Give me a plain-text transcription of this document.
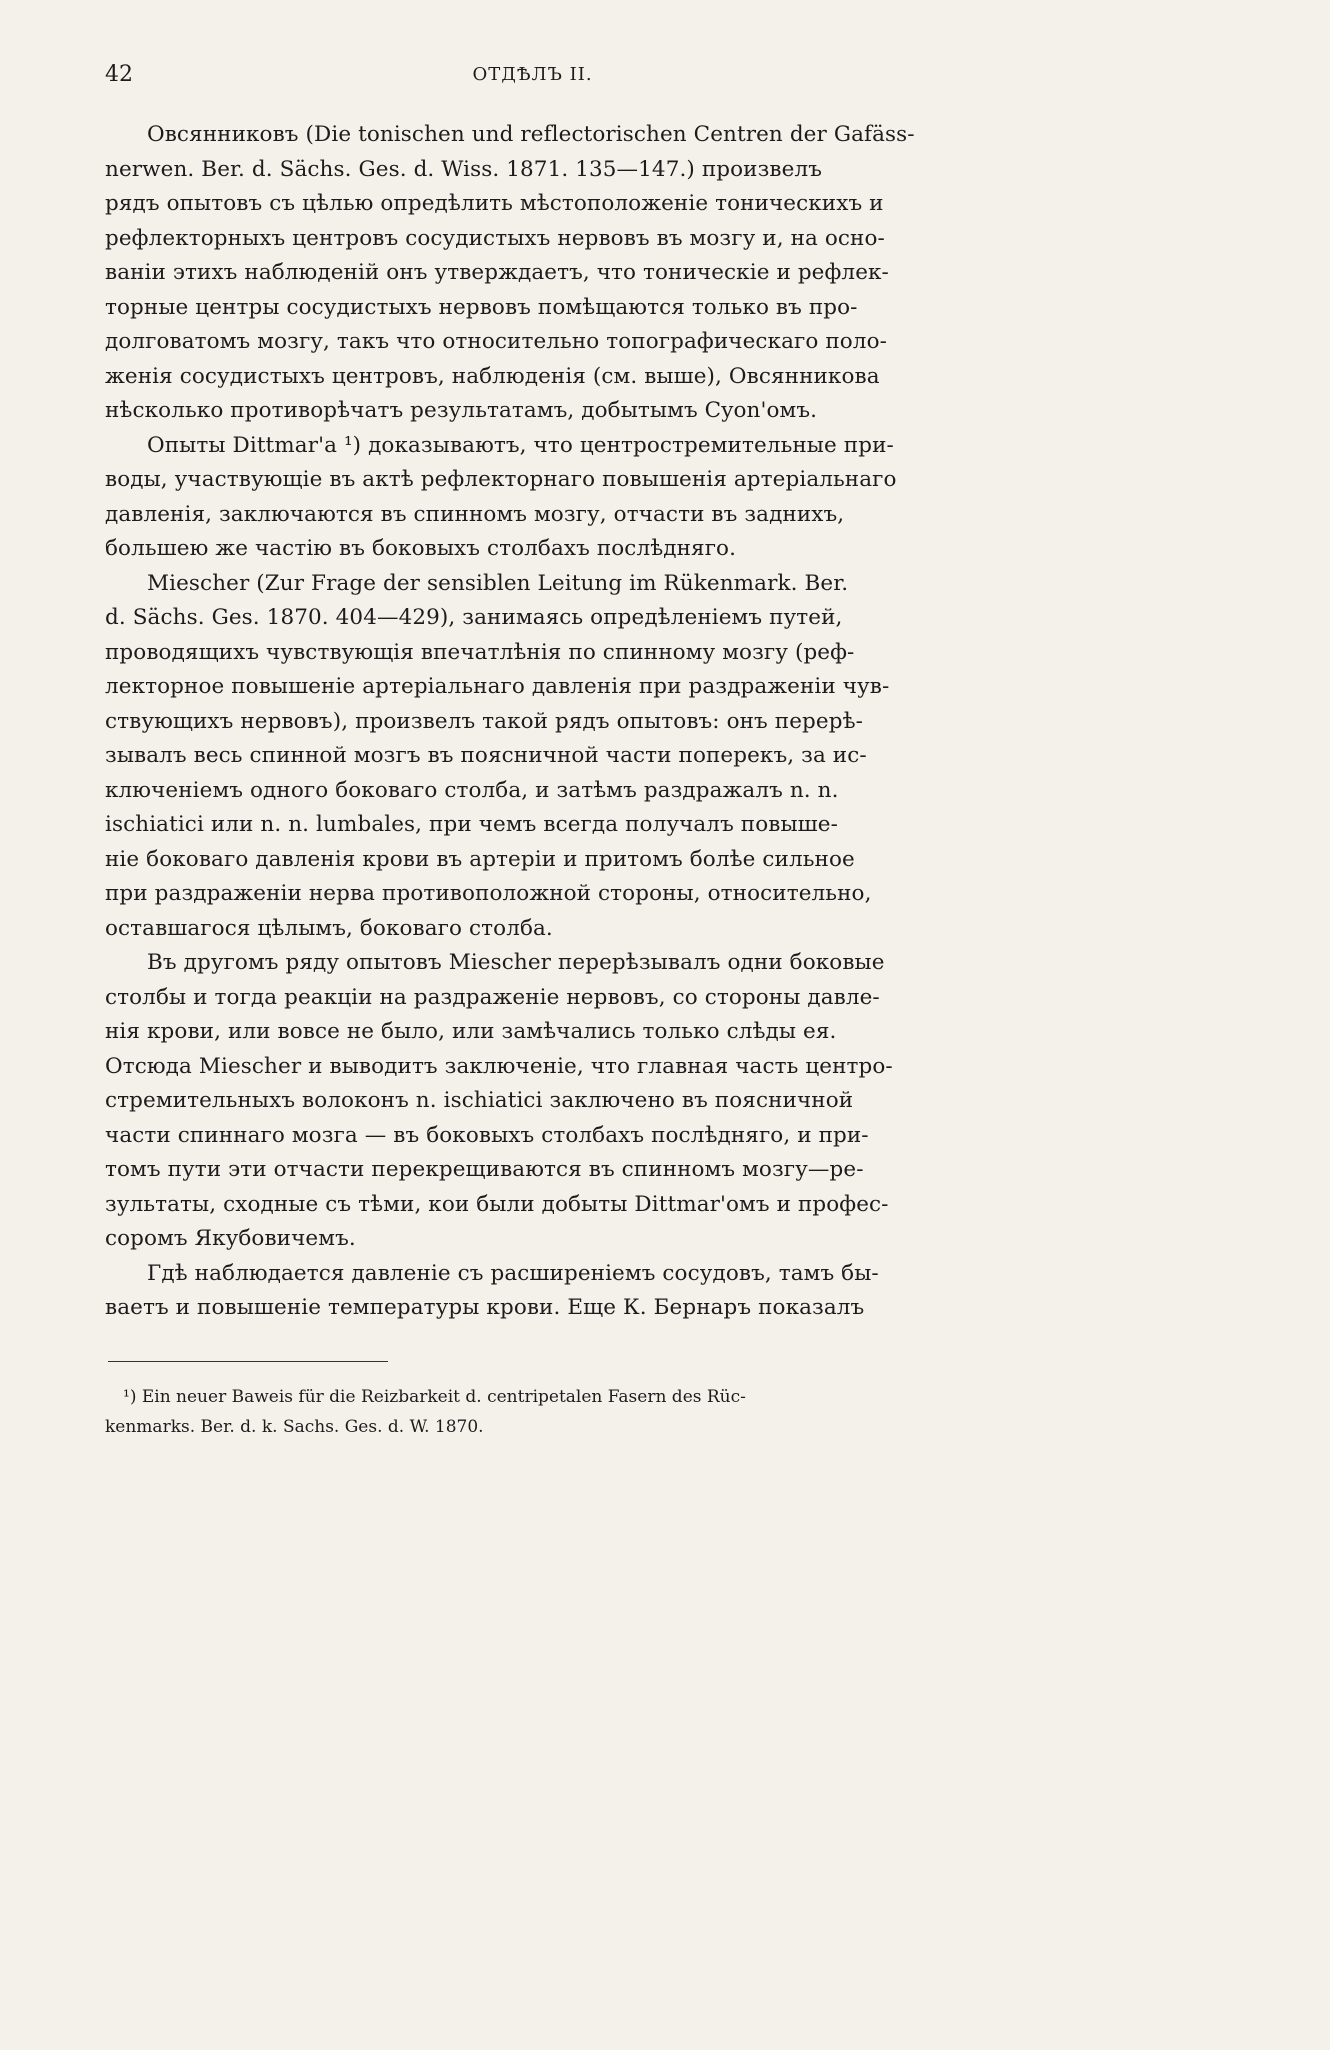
42	ОТДѢЛЪ II.

Овсянниковъ (Die tonischen und reflectorischen Centren der Gafäss-
nerwen. Ber. d. Sächs. Ges. d. Wiss. 1871. 135—147.) произвелъ
рядъ опытовъ съ цѣлью опредѣлить мѣстоположеніе тоническихъ и
рефлекторныхъ центровъ сосудистыхъ нервовъ въ мозгу и, на осно-
ваніи этихъ наблюденій онъ утверждаетъ, что тоническіе и рефлек-
торные центры сосудистыхъ нервовъ помѣщаются только въ про-
долговатомъ мозгу, такъ что относительно топографическаго поло-
женія сосудистыхъ центровъ, наблюденія (см. выше), Овсянникова
нѣсколько противорѣчатъ результатамъ, добытымъ Cyon'омъ.

Опыты Dittmar'a ¹) доказываютъ, что центростремительные при-
воды, участвующіе въ актѣ рефлекторнаго повышенія артеріальнаго
давленія, заключаются въ спинномъ мозгу, отчасти въ заднихъ,
большею же частію въ боковыхъ столбахъ послѣдняго.

Miescher (Zur Frage der sensiblen Leitung im Rükenmark. Ber.
d. Sächs. Ges. 1870. 404—429), занимаясь опредѣленіемъ путей,
проводящихъ чувствующія впечатлѣнія по спинному мозгу (реф-
лекторное повышеніе артеріальнаго давленія при раздраженіи чув-
ствующихъ нервовъ), произвелъ такой рядъ опытовъ: онъ перерѣ-
зывалъ весь спинной мозгъ въ поясничной части поперекъ, за ис-
ключеніемъ одного боковаго столба, и затѣмъ раздражалъ n. n.
ischiatici или n. n. lumbales, при чемъ всегда получалъ повыше-
ніе боковаго давленія крови въ артеріи и притомъ болѣе сильное
при раздраженіи нерва противоположной стороны, относительно,
оставшагося цѣлымъ, боковаго столба.

Въ другомъ ряду опытовъ Miescher перерѣзывалъ одни боковые
столбы и тогда реакціи на раздраженіе нервовъ, со стороны давле-
нія крови, или вовсе не было, или замѣчались только слѣды ея.
Отсюда Miescher и выводитъ заключеніе, что главная часть центро-
стремительныхъ волоконъ n. ischiatici заключено въ поясничной
части спиннаго мозга — въ боковыхъ столбахъ послѣдняго, и при-
томъ пути эти отчасти перекрещиваются въ спинномъ мозгу—ре-
зультаты, сходные съ тѣми, кои были добыты Dittmar'омъ и профес-
соромъ Якубовичемъ.

Гдѣ наблюдается давленіе съ расширеніемъ сосудовъ, тамъ бы-
ваетъ и повышеніе температуры крови. Еще К. Бернаръ показалъ

¹) Ein neuer Baweis für die Reizbarkeit d. centripetalen Fasern des Rüc-
kenmarks. Ber. d. k. Sachs. Ges. d. W. 1870.
